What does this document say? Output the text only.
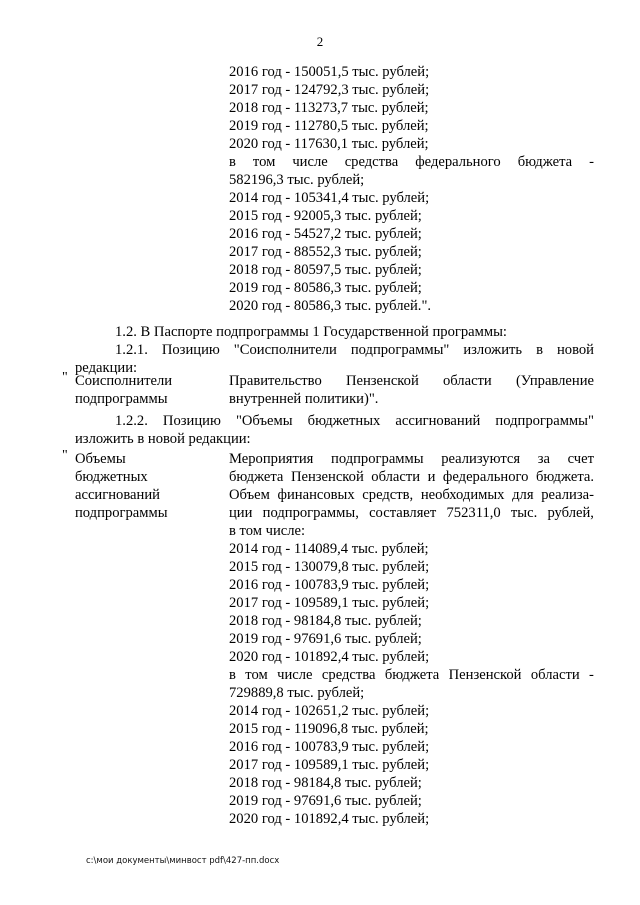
2
2016 год - 150051,5 тыс. рублей;
2017 год - 124792,3 тыс. рублей;
2018 год - 113273,7 тыс. рублей;
2019 год - 112780,5 тыс. рублей;
2020 год - 117630,1 тыс. рублей;
в том числе средства федерального бюджета -
582196,3 тыс. рублей;
2014 год - 105341,4 тыс. рублей;
2015 год - 92005,3 тыс. рублей;
2016 год - 54527,2 тыс. рублей;
2017 год - 88552,3 тыс. рублей;
2018 год - 80597,5 тыс. рублей;
2019 год - 80586,3 тыс. рублей;
2020 год - 80586,3 тыс. рублей.".
1.2. В Паспорте подпрограммы 1 Государственной программы:
1.2.1. Позицию "Соисполнители подпрограммы" изложить в новой
редакции:
" Соисполнители
подпрограммы
Правительство Пензенской области (Управление
внутренней политики)".
1.2.2. Позицию "Объемы бюджетных ассигнований подпрограммы"
изложить в новой редакции:
" Объемы
бюджетных
ассигнований
подпрограммы
Мероприятия подпрограммы реализуются за счет
бюджета Пензенской области и федерального бюджета.
Объем финансовых средств, необходимых для реализа-
ции подпрограммы, составляет 752311,0 тыс. рублей,
в том числе:
2014 год - 114089,4 тыс. рублей;
2015 год - 130079,8 тыс. рублей;
2016 год - 100783,9 тыс. рублей;
2017 год - 109589,1 тыс. рублей;
2018 год - 98184,8 тыс. рублей;
2019 год - 97691,6 тыс. рублей;
2020 год - 101892,4 тыс. рублей;
в том числе средства бюджета Пензенской области -
729889,8 тыс. рублей;
2014 год - 102651,2 тыс. рублей;
2015 год - 119096,8 тыс. рублей;
2016 год - 100783,9 тыс. рублей;
2017 год - 109589,1 тыс. рублей;
2018 год - 98184,8 тыс. рублей;
2019 год - 97691,6 тыс. рублей;
2020 год - 101892,4 тыс. рублей;
c:\мои документы\минвост pdf\427-пп.docx
